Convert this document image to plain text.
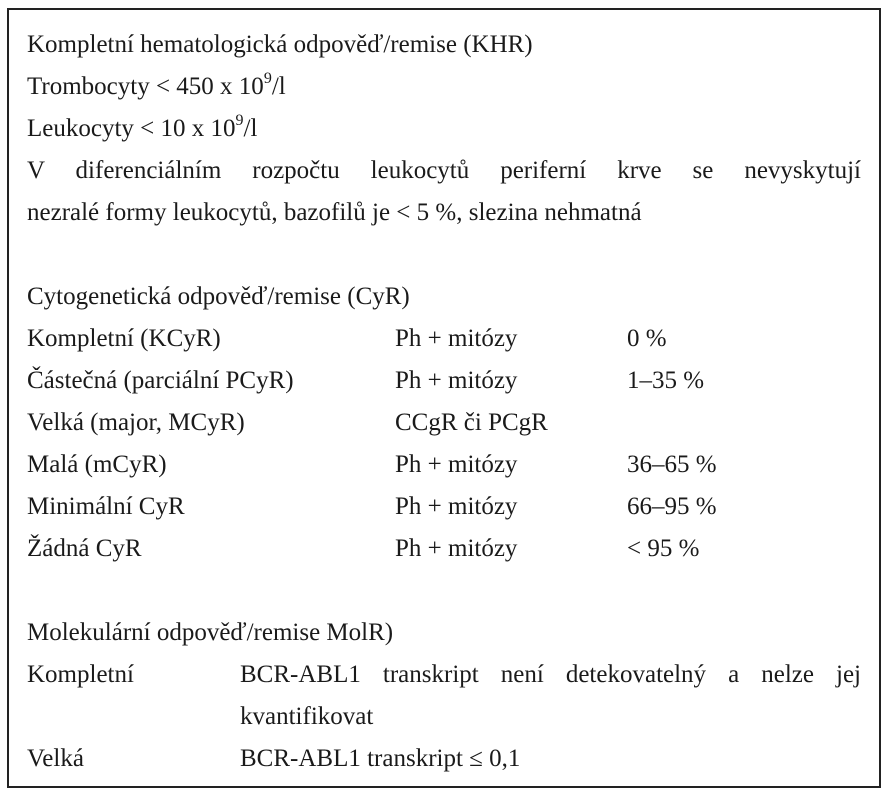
Kompletní hematologická odpověď/remise (KHR)
Trombocyty < 450 x $10^9/l$
Leukocyty < 10 x $10^9/l$
V diferenciálním rozpočtu leukocytů periferní krve se nevyskytují
nezralé formy leukocytů, bazofilů je < 5 %, slezina nehmatná
Cytogenetická odpověď/remise (CyR)
Kompletní (KCyR)	Ph + mitózy	0 %
Částečná (parciální PCyR)	Ph + mitózy	1–35 %
Velká (major, MCyR)	CCgR či PCgR
Malá (mCyR)	Ph + mitózy	36–65 %
Minimální CyR	Ph + mitózy	66–95 %
Žádná CyR	Ph + mitózy	< 95 %
Molekulární odpověď/remise MolR)
Kompletní	BCR-ABL1 transkript není detekovatelný a nelze jej
kvantifikovat
Velká	BCR-ABL1 transkript ≤ 0,1
